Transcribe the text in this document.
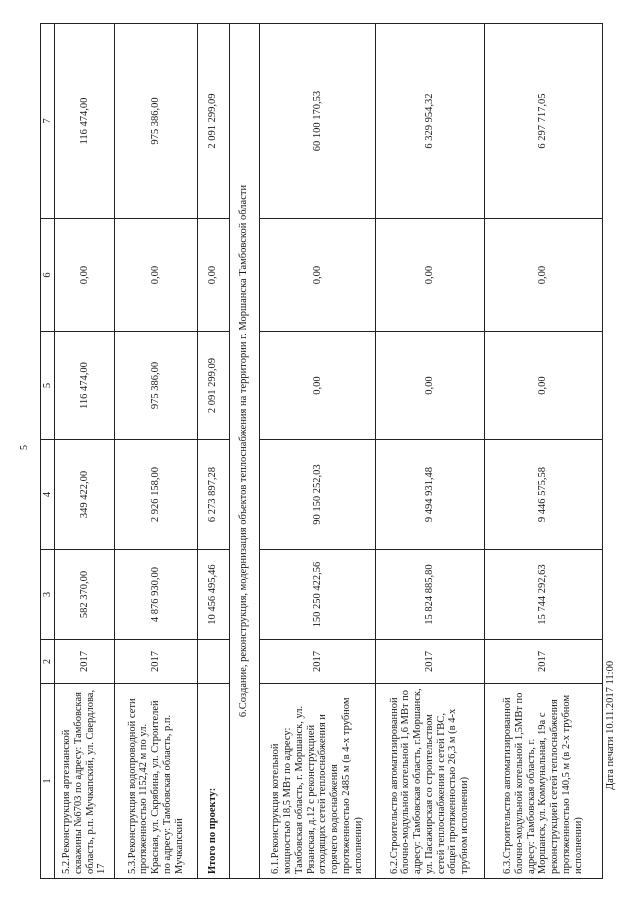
5
1	2	3	4	5	6	7
5.2.Реконструкция артезианской скважины №6703 по адресу: Тамбовская область, р.п. Мучкапский, ул. Свердлова, 17	2017	582 370,00	349 422,00	116 474,00	0,00	116 474,00
5.3.Реконструкция водопроводной сети протяженностью 1152,42 м по ул. Красная, ул. Скрябина, ул. Строителей по адресу: Тамбовская область, р.п. Мучкапский	2017	4 876 930,00	2 926 158,00	975 386,00	0,00	975 386,00
Итого по проекту:		10 456 495,46	6 273 897,28	2 091 299,09	0,00	2 091 299,09
6.Создание, реконструкция, модернизация объектов теплоснабжения на территории г. Моршанска Тамбовской области						
6.1.Реконструкция котельной мощностью 18,5 МВт по адресу: Тамбовская область, г. Моршанск, ул. Рязанская, д.12 с реконструкцией отходящих сетей теплоснабжения и горячего водоснабжения протяженностью 2485 м (в 4-х трубном исполнении)	2017	150 250 422,56	90 150 252,03	0,00	0,00	60 100 170,53
6.2.Строительство автоматизированной блочно-модульной котельной 1,6 МВт по адресу: Тамбовская область, г.Моршанск, ул. Пасажирская со строительством сетей теплоснабжения и сетей ГВС, общей протяженностью 26,3 м (в 4-х трубном исполнении)	2017	15 824 885,80	9 494 931,48	0,00	0,00	6 329 954,32
6.3.Строительство автоматизированной блочно-модульной котельной 1,5МВт по адресу: Тамбовская область, г. Моршанск, ул. Коммунальная, 19а с реконструкцией сетей теплоснабжения протяженностью 140,5 м (в 2-х трубном исполнении)	2017	15 744 292,63	9 446 575,58	0,00	0,00	6 297 717,05
Дата печати 10.11.2017 11:00
